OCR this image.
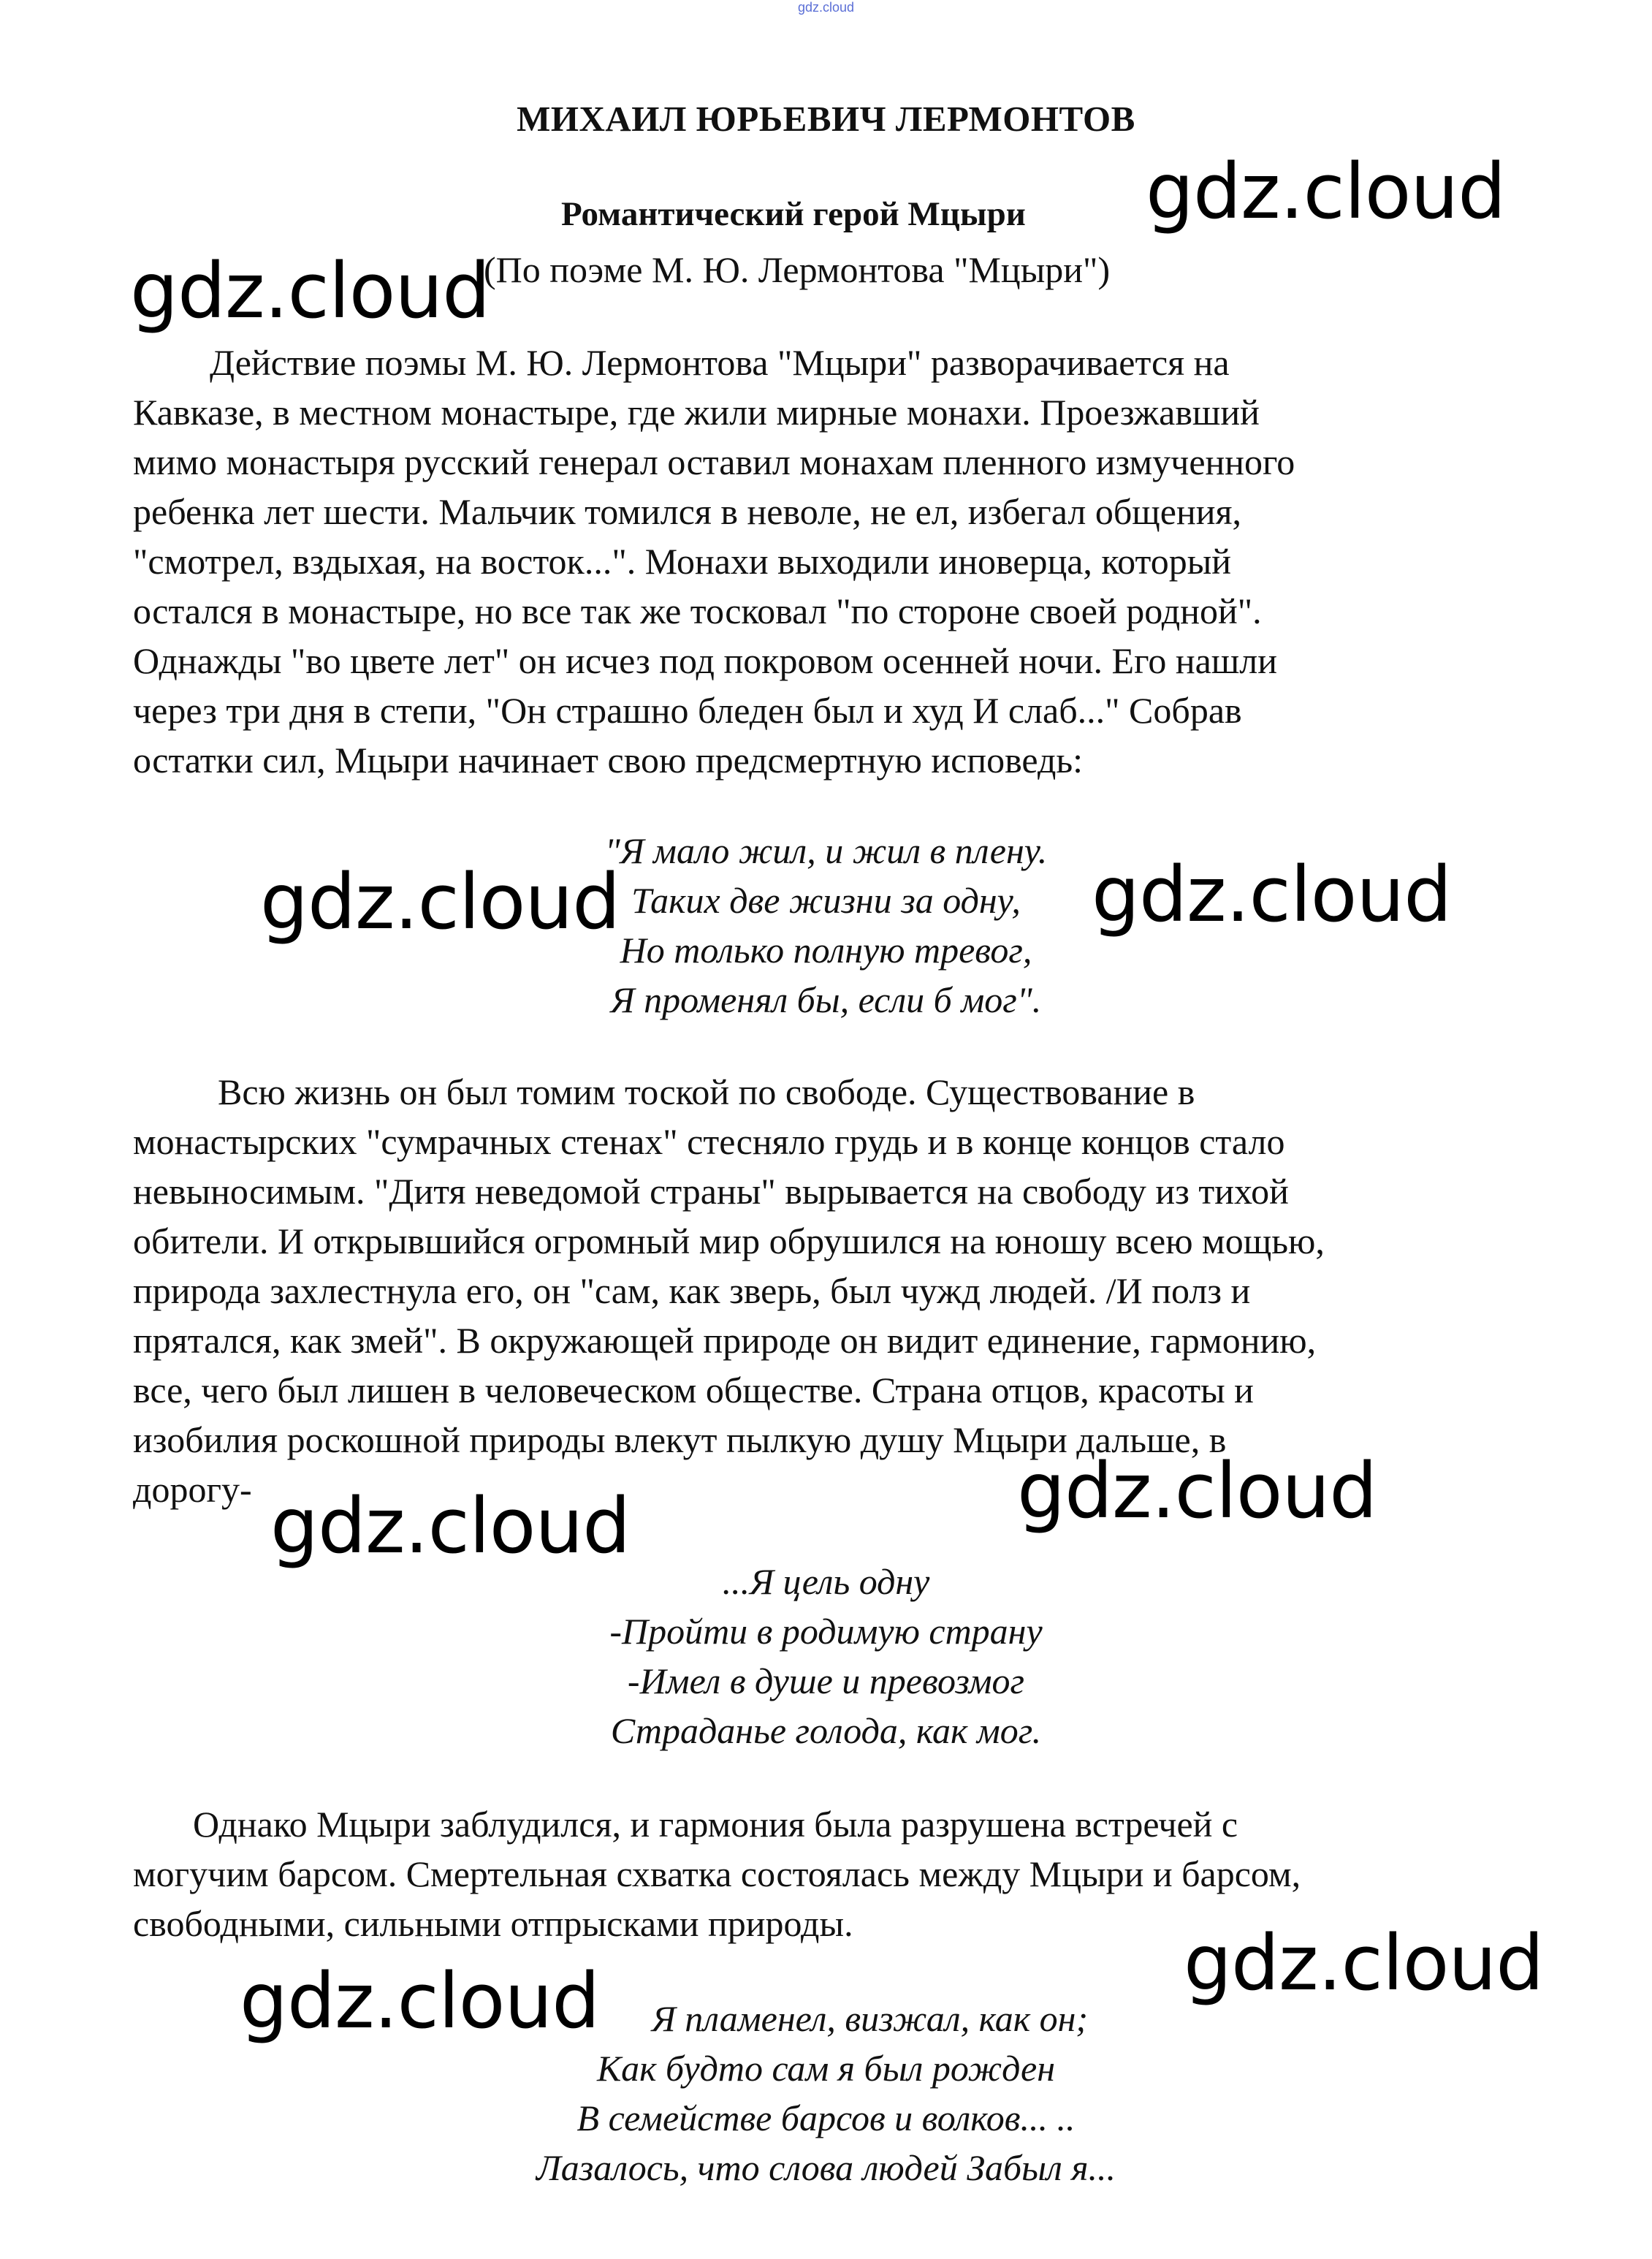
gdz.cloud
МИХАИЛ ЮРЬЕВИЧ ЛЕРМОНТОВ
Романтический герой Мцыри
(По поэме М. Ю. Лермонтова "Мцыри")
Действие поэмы М. Ю. Лермонтова "Мцыри" разворачивается на
Кавказе, в местном монастыре, где жили мирные монахи. Проезжавший
мимо монастыря русский генерал оставил монахам пленного измученного
ребенка лет шести. Мальчик томился в неволе, не ел, избегал общения,
"смотрел, вздыхая, на восток...". Монахи выходили иноверца, который
остался в монастыре, но все так же тосковал "по стороне своей родной".
Однажды "во цвете лет" он исчез под покровом осенней ночи. Его нашли
через три дня в степи, "Он страшно бледен был и худ И слаб..." Собрав
остатки сил, Мцыри начинает свою предсмертную исповедь:
"Я мало жил, и жил в плену.
Таких две жизни за одну,
Но только полную тревог,
Я променял бы, если б мог".
Всю жизнь он был томим тоской по свободе. Существование в
монастырских "сумрачных стенах" стесняло грудь и в конце концов стало
невыносимым. "Дитя неведомой страны" вырывается на свободу из тихой
обители. И открывшийся огромный мир обрушился на юношу всею мощью,
природа захлестнула его, он "сам, как зверь, был чужд людей. /И полз и
прятался, как змей". В окружающей природе он видит единение, гармонию,
все, чего был лишен в человеческом обществе. Страна отцов, красоты и
изобилия роскошной природы влекут пылкую душу Мцыри дальше, в
дорогу-
...Я цель одну
-Пройти в родимую страну
-Имел в душе и превозмог
Страданье голода, как мог.
Однако Мцыри заблудился, и гармония была разрушена встречей с
могучим барсом. Смертельная схватка состоялась между Мцыри и барсом,
свободными, сильными отпрысками природы.
Я пламенел, визжал, как он;
Как будто сам я был рожден
В семействе барсов и волков... ..
Лазалось, что слова людей Забыл я...
gdz.cloud
gdz.cloud
gdz.cloud	gdz.cloud
gdz.cloud
gdz.cloud
gdz.cloud
gdz.cloud
